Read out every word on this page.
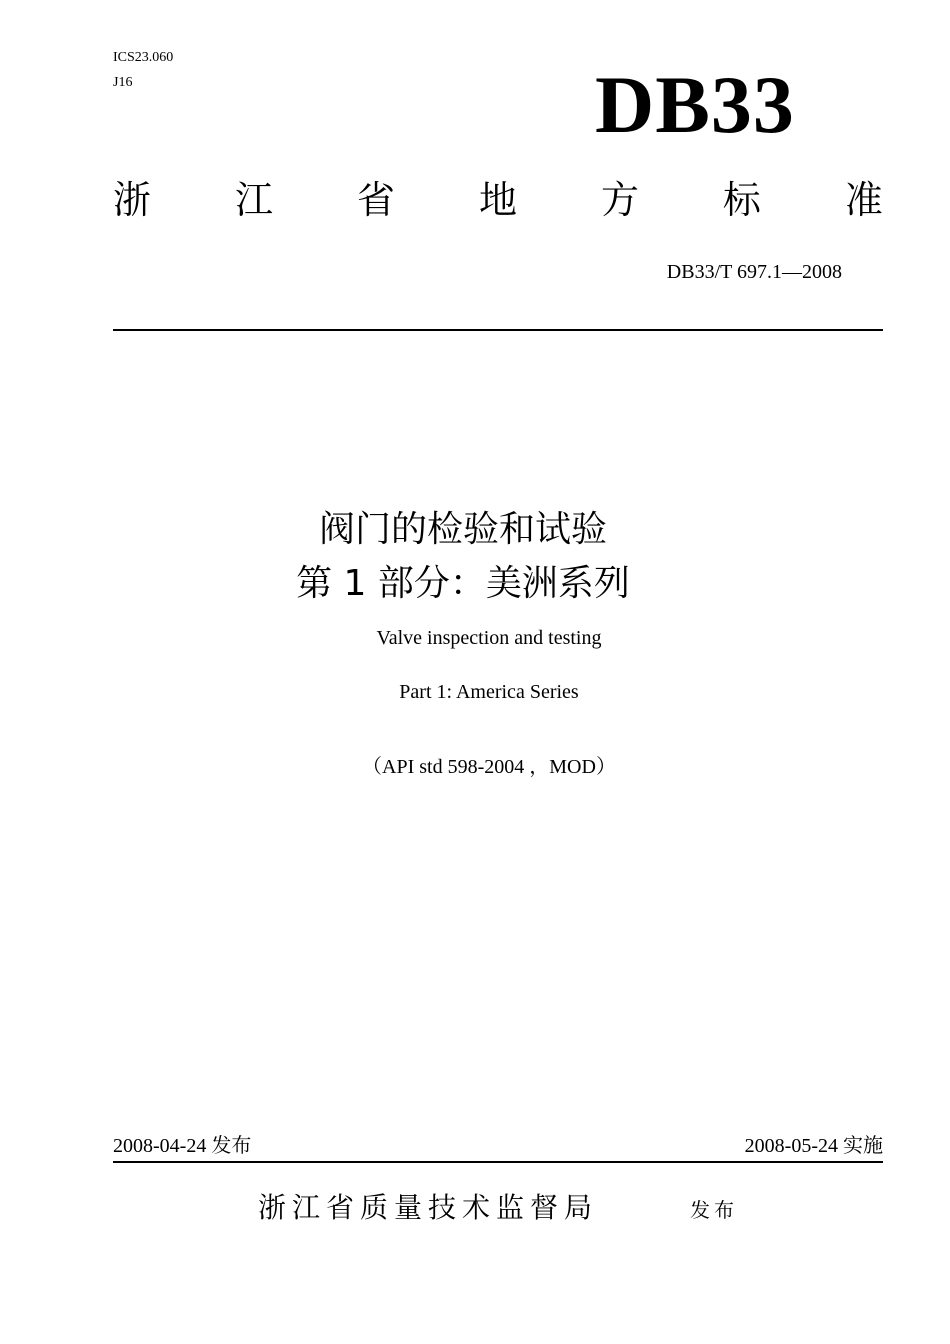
ICS23.060
J16	DB33
浙 江 省 地 方 标 准
DB33/T 697.1—2008
阀门的检验和试验
第 1 部分：美洲系列
Valve inspection and testing
Part 1: America Series
（API std 598-2004 ，MOD）
2008-04-24 发布	2008-05-24 实施
浙江省质量技术监督局	发布
